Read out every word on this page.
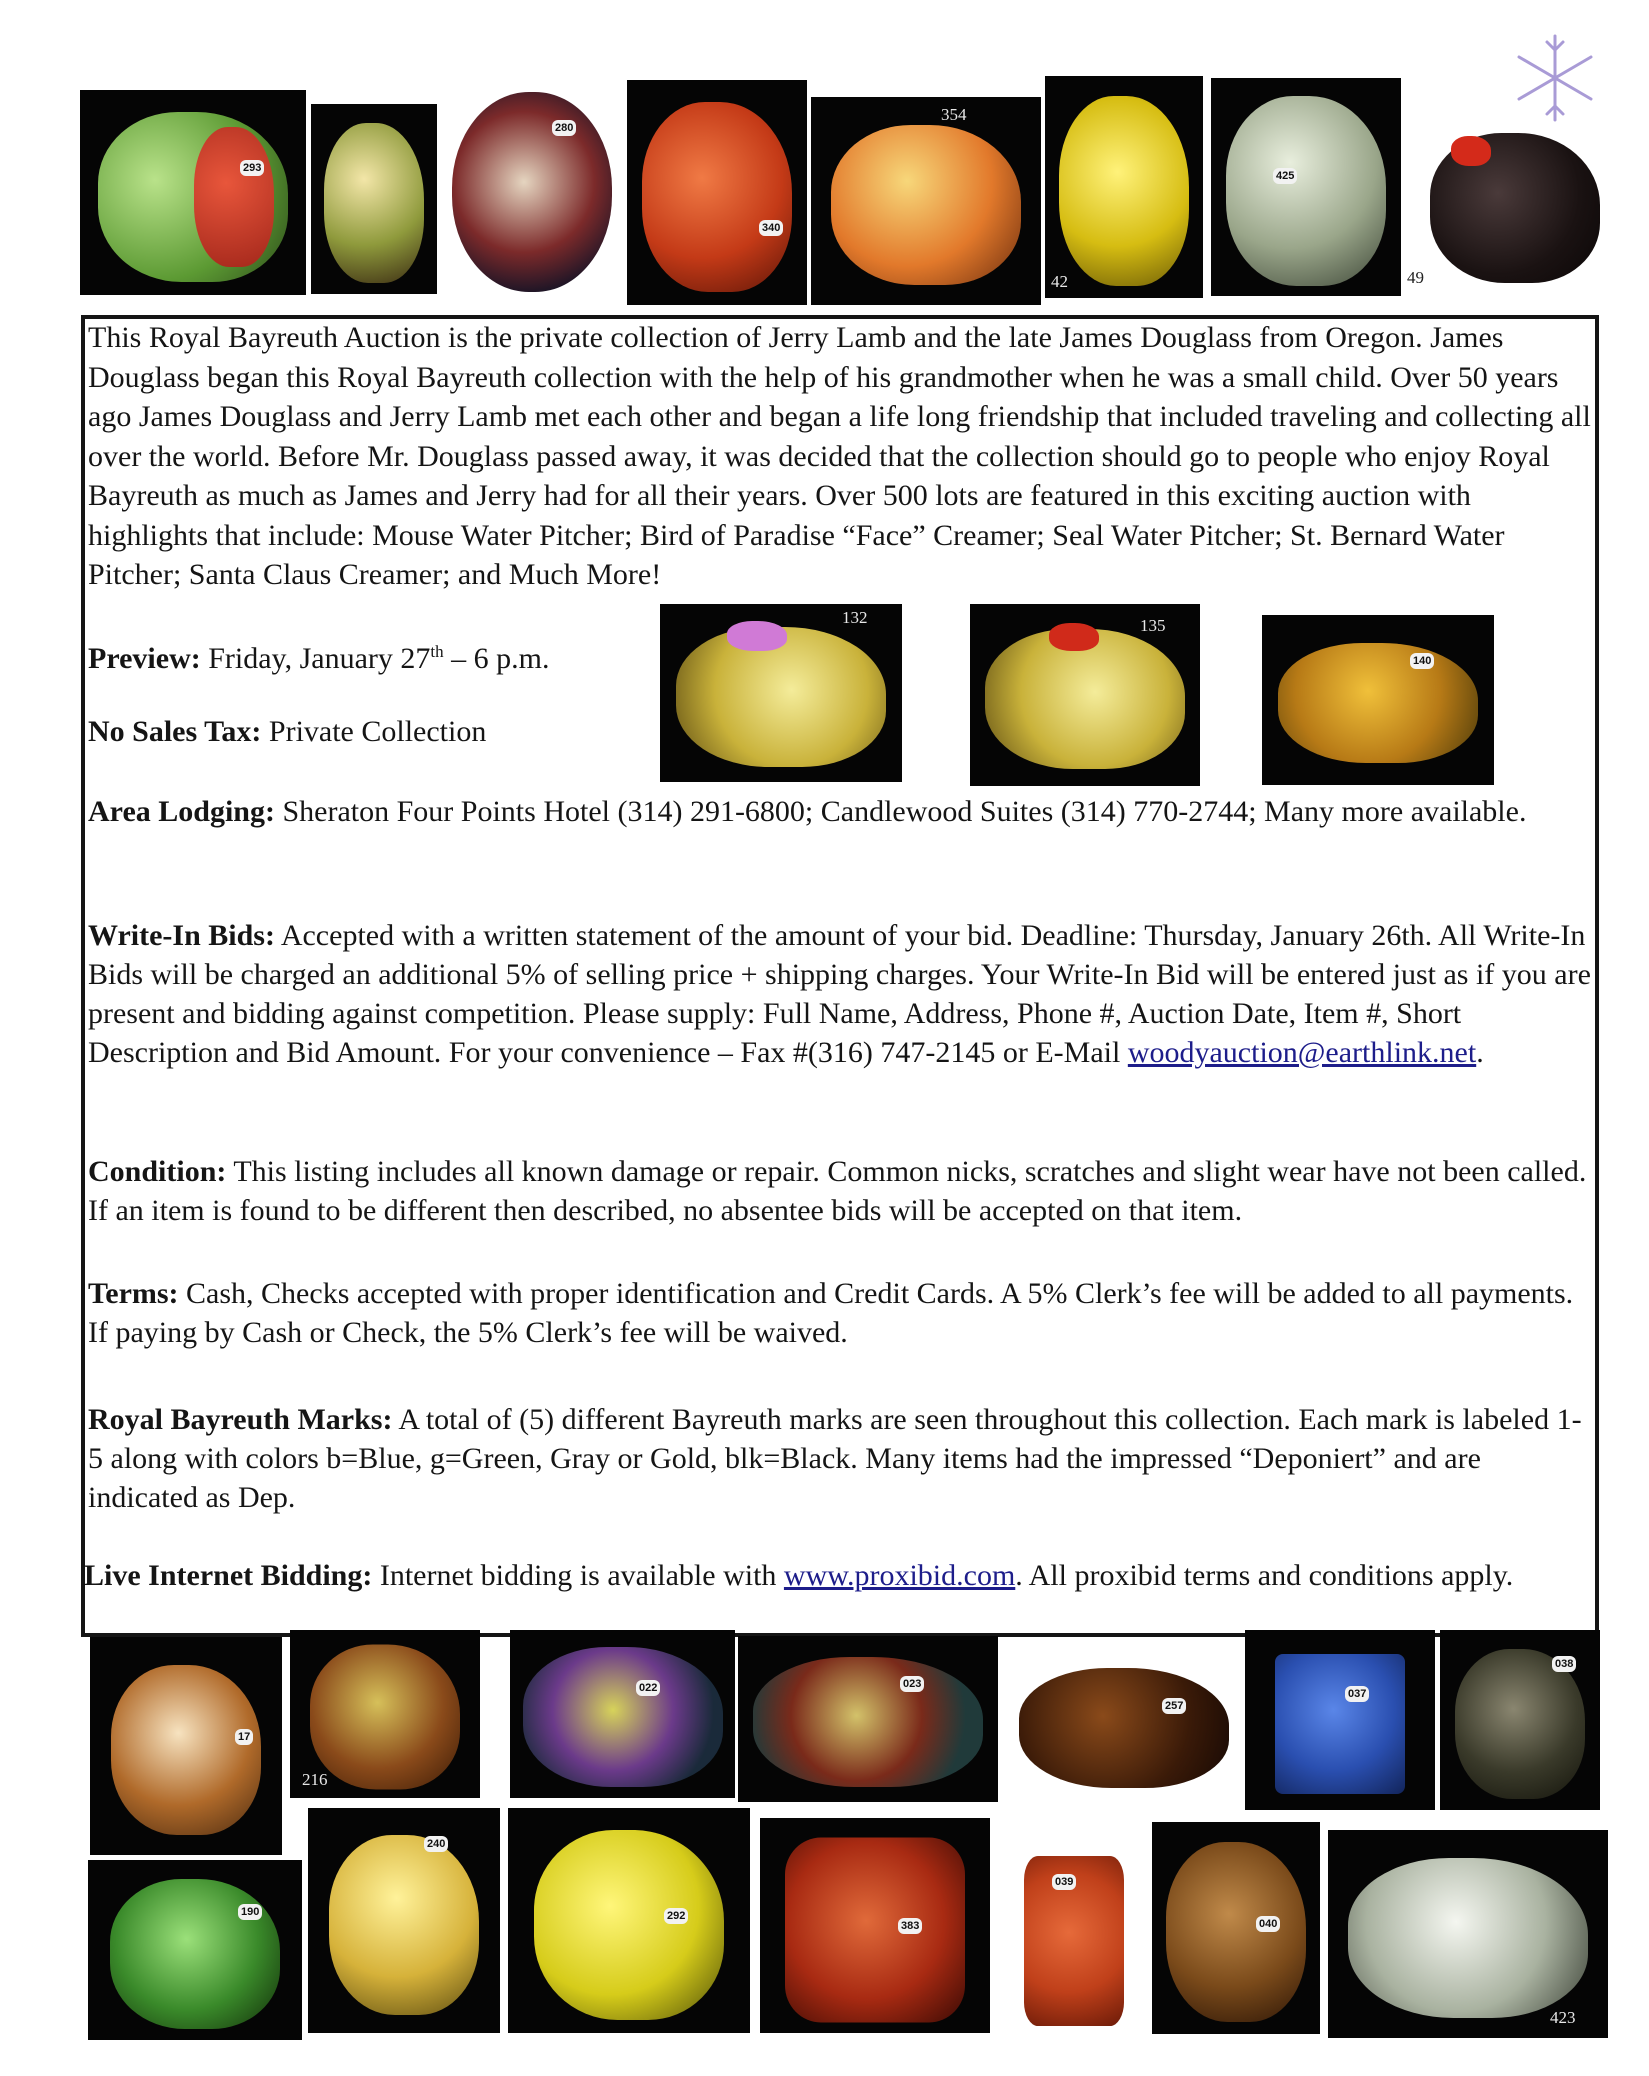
293
280
340
354
42
425
49

This Royal Bayreuth Auction is the private collection of Jerry Lamb and the late James Douglass from Oregon. James Douglass began this Royal Bayreuth collection with the help of his grandmother when he was a small child. Over 50 years ago James Douglass and Jerry Lamb met each other and began a life long friendship that included traveling and collecting all over the world. Before Mr. Douglass passed away, it was decided that the collection should go to people who enjoy Royal Bayreuth as much as James and Jerry had for all their years. Over 500 lots are featured in this exciting auction with highlights that include: Mouse Water Pitcher; Bird of Paradise “Face” Creamer; Seal Water Pitcher; St. Bernard Water Pitcher; Santa Claus Creamer; and Much More!

Preview: Friday, January 27th – 6 p.m.

No Sales Tax: Private Collection

132	135
140

Area Lodging: Sheraton Four Points Hotel (314) 291-6800; Candlewood Suites (314) 770-2744; Many more available.

Write-In Bids: Accepted with a written statement of the amount of your bid. Deadline: Thursday, January 26th. All Write-In Bids will be charged an additional 5% of selling price + shipping charges. Your Write-In Bid will be entered just as if you are present and bidding against competition. Please supply: Full Name, Address, Phone #, Auction Date, Item #, Short Description and Bid Amount. For your convenience – Fax #(316) 747-2145 or E-Mail woodyauction@earthlink.net.

Condition: This listing includes all known damage or repair. Common nicks, scratches and slight wear have not been called. If an item is found to be different then described, no absentee bids will be accepted on that item.

Terms: Cash, Checks accepted with proper identification and Credit Cards. A 5% Clerk’s fee will be added to all payments. If paying by Cash or Check, the 5% Clerk’s fee will be waived.

Royal Bayreuth Marks: A total of (5) different Bayreuth marks are seen throughout this collection. Each mark is labeled 1-5 along with colors b=Blue, g=Green, Gray or Gold, blk=Black. Many items had the impressed “Deponiert” and are indicated as Dep.

Live Internet Bidding: Internet bidding is available with www.proxibid.com. All proxibid terms and conditions apply.

17
216
022	023
257
037
038
190
240
292
383
039
040
423
